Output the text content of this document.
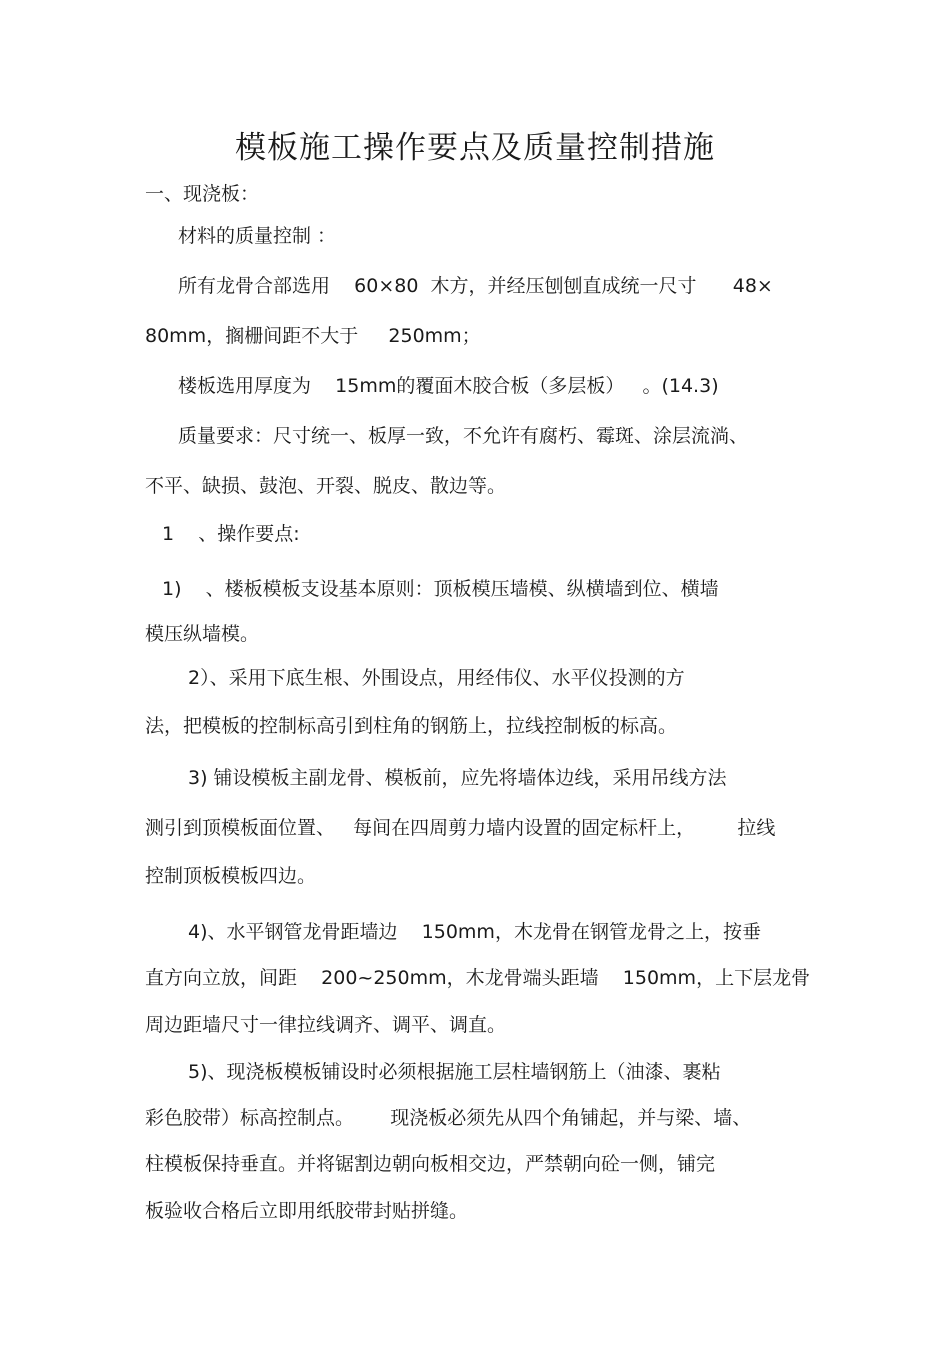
模板施工操作要点及质量控制措施
一、现浇板：
材料的质量控制 ：
所有龙骨合部选用    60×80  木方，并经压刨刨直成统一尺寸      48×
80mm，搁栅间距不大于     250mm；
楼板选用厚度为    15mm的覆面木胶合板（多层板）   。(14.3)
质量要求：尺寸统一、板厚一致，不允许有腐朽、霉斑、涂层流淌、
不平、缺损、鼓泡、开裂、脱皮、散边等。
1    、操作要点:
1)    、楼板模板支设基本原则：顶板模压墙模、纵横墙到位、横墙
模压纵墙模。
2）、采用下底生根、外围设点，用经伟仪、水平仪投测的方
法，把模板的控制标高引到柱角的钢筋上，拉线控制板的标高。
3) 铺设模板主副龙骨、模板前，应先将墙体边线，采用吊线方法
测引到顶模板面位置、   每间在四周剪力墙内设置的固定标杆上，       拉线
控制顶板模板四边。
4)、水平钢管龙骨距墙边    150mm，木龙骨在钢管龙骨之上，按垂
直方向立放，间距    200~250mm，木龙骨端头距墙    150mm，上下层龙骨
周边距墙尺寸一律拉线调齐、调平、调直。
5)、现浇板模板铺设时必须根据施工层柱墙钢筋上（油漆、裹粘
彩色胶带）标高控制点。      现浇板必须先从四个角铺起，并与梁、墙、
柱模板保持垂直。并将锯割边朝向板相交边，严禁朝向砼一侧，铺完
板验收合格后立即用纸胶带封贴拼缝。
